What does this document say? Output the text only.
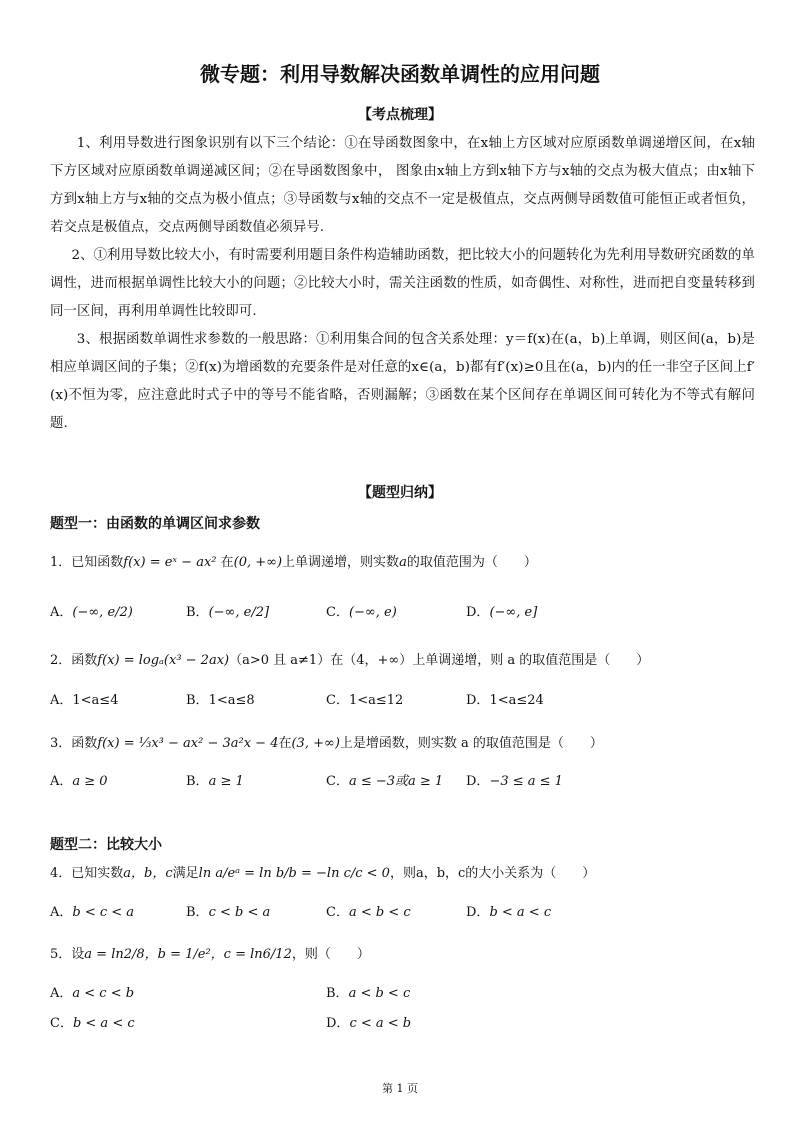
微专题：利用导数解决函数单调性的应用问题
【考点梳理】

1、利用导数进行图象识别有以下三个结论：①在导函数图象中，在x轴上方区域对应原函数单调递增区间，在x轴下方区域对应原函数单调递减区间；②在导函数图象中， 图象由x轴上方到x轴下方与x轴的交点为极大值点；由x轴下方到x轴上方与x轴的交点为极小值点；③导函数与x轴的交点不一定是极值点，交点两侧导函数值可能恒正或者恒负，若交点是极值点，交点两侧导函数值必须异号.

2、①利用导数比较大小，有时需要利用题目条件构造辅助函数，把比较大小的问题转化为先利用导数研究函数的单调性，进而根据单调性比较大小的问题；②比较大小时，需关注函数的性质，如奇偶性、对称性，进而把自变量转移到同一区间，再利用单调性比较即可.

3、根据函数单调性求参数的一般思路：①利用集合间的包含关系处理：y＝f(x)在(a，b)上单调，则区间(a，b)是相应单调区间的子集；②f(x)为增函数的充要条件是对任意的x∈(a，b)都有f′(x)≥0且在(a，b)内的任一非空子区间上f′(x)不恒为零，应注意此时式子中的等号不能省略，否则漏解；③函数在某个区间存在单调区间可转化为不等式有解问题.

【题型归纳】
题型一：由函数的单调区间求参数
1．已知函数f(x) = eˣ − ax² 在(0, +∞)上单调递增，则实数a的取值范围为（　　）
A．(−∞, e/2)	B．(−∞, e/2]	C．(−∞, e)	D．(−∞, e]
2．函数f(x) = logₐ(x³ − 2ax)（a>0 且 a≠1）在（4，+∞）上单调递增，则 a 的取值范围是（　　）
A．1<a≤4	B．1<a≤8	C．1<a≤12	D．1<a≤24
3．函数f(x) = ⅓x³ − ax² − 3a²x − 4在(3, +∞)上是增函数，则实数 a 的取值范围是（　　）
A．a ≥ 0	B．a ≥ 1	C．a ≤ −3或a ≥ 1 D．−3 ≤ a ≤ 1
题型二：比较大小
4．已知实数a，b，c满足ln a/eᵃ = ln b/b = −ln c/c < 0，则a，b，c的大小关系为（　　）
A．b < c < a	B．c < b < a	C．a < b < c	D．b < a < c
5．设a = ln2/8，b = 1/e²，c = ln6/12，则（　　）
A．a < c < b	B．a < b < c
C．b < a < c	D．c < a < b
第 1 页
